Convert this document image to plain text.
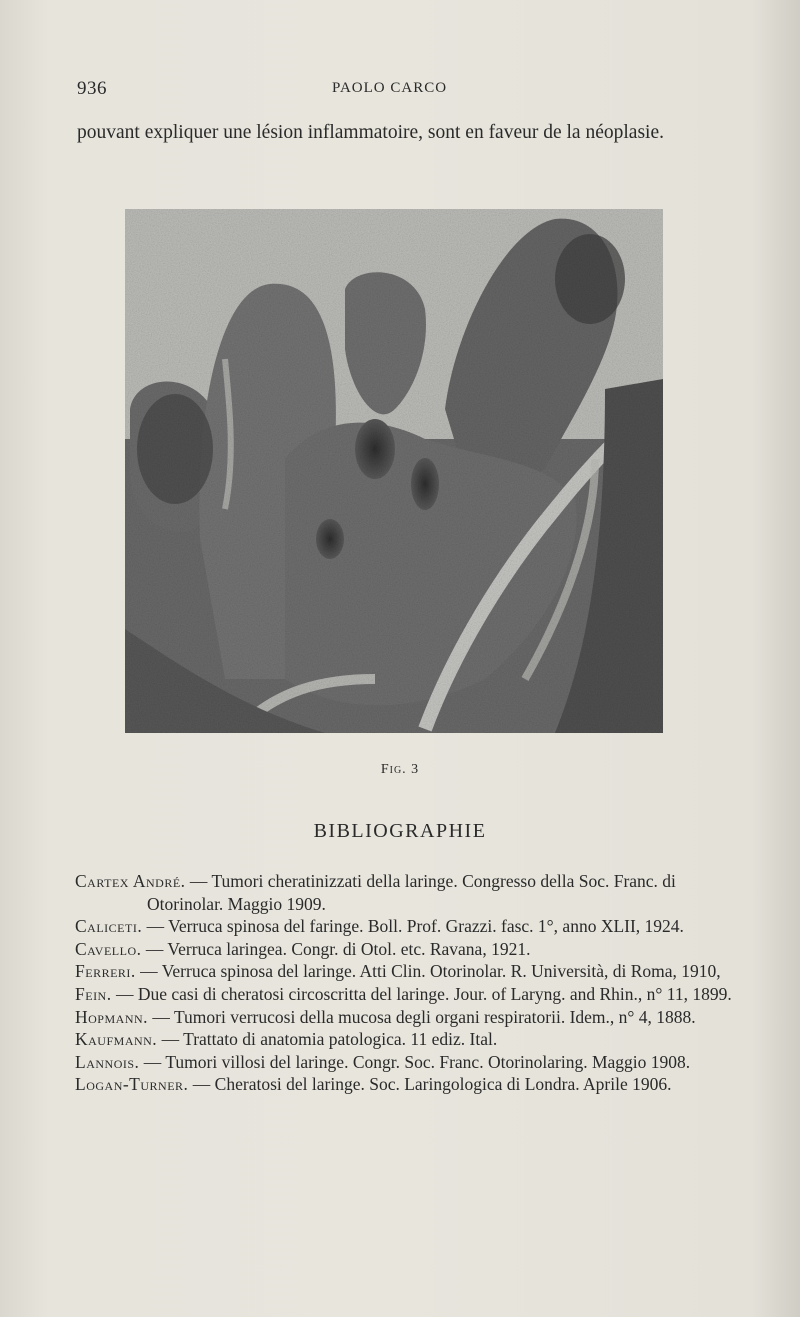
936	PAOLO CARCO

pouvant expliquer une lésion inflammatoire, sont en faveur de la néoplasie.

Fig. 3
BIBLIOGRAPHIE
Cartex André. — Tumori cheratinizzati della laringe. Congresso della Soc. Franc. di Otorinolar. Maggio 1909.
Caliceti. — Verruca spinosa del faringe. Boll. Prof. Grazzi. fasc. 1°, anno XLII, 1924.
Cavello. — Verruca laringea. Congr. di Otol. etc. Ravana, 1921.
Ferreri. — Verruca spinosa del laringe. Atti Clin. Otorinolar. R. Università, di Roma, 1910,
Fein. — Due casi di cheratosi circoscritta del laringe. Jour. of Laryng. and Rhin., n° 11, 1899.
Hopmann. — Tumori verrucosi della mucosa degli organi respiratorii. Idem., n° 4, 1888.
Kaufmann. — Trattato di anatomia patologica. 11 ediz. Ital.
Lannois. — Tumori villosi del laringe. Congr. Soc. Franc. Otorinolaring. Maggio 1908.
Logan-Turner. — Cheratosi del laringe. Soc. Laringologica di Londra. Aprile 1906.
